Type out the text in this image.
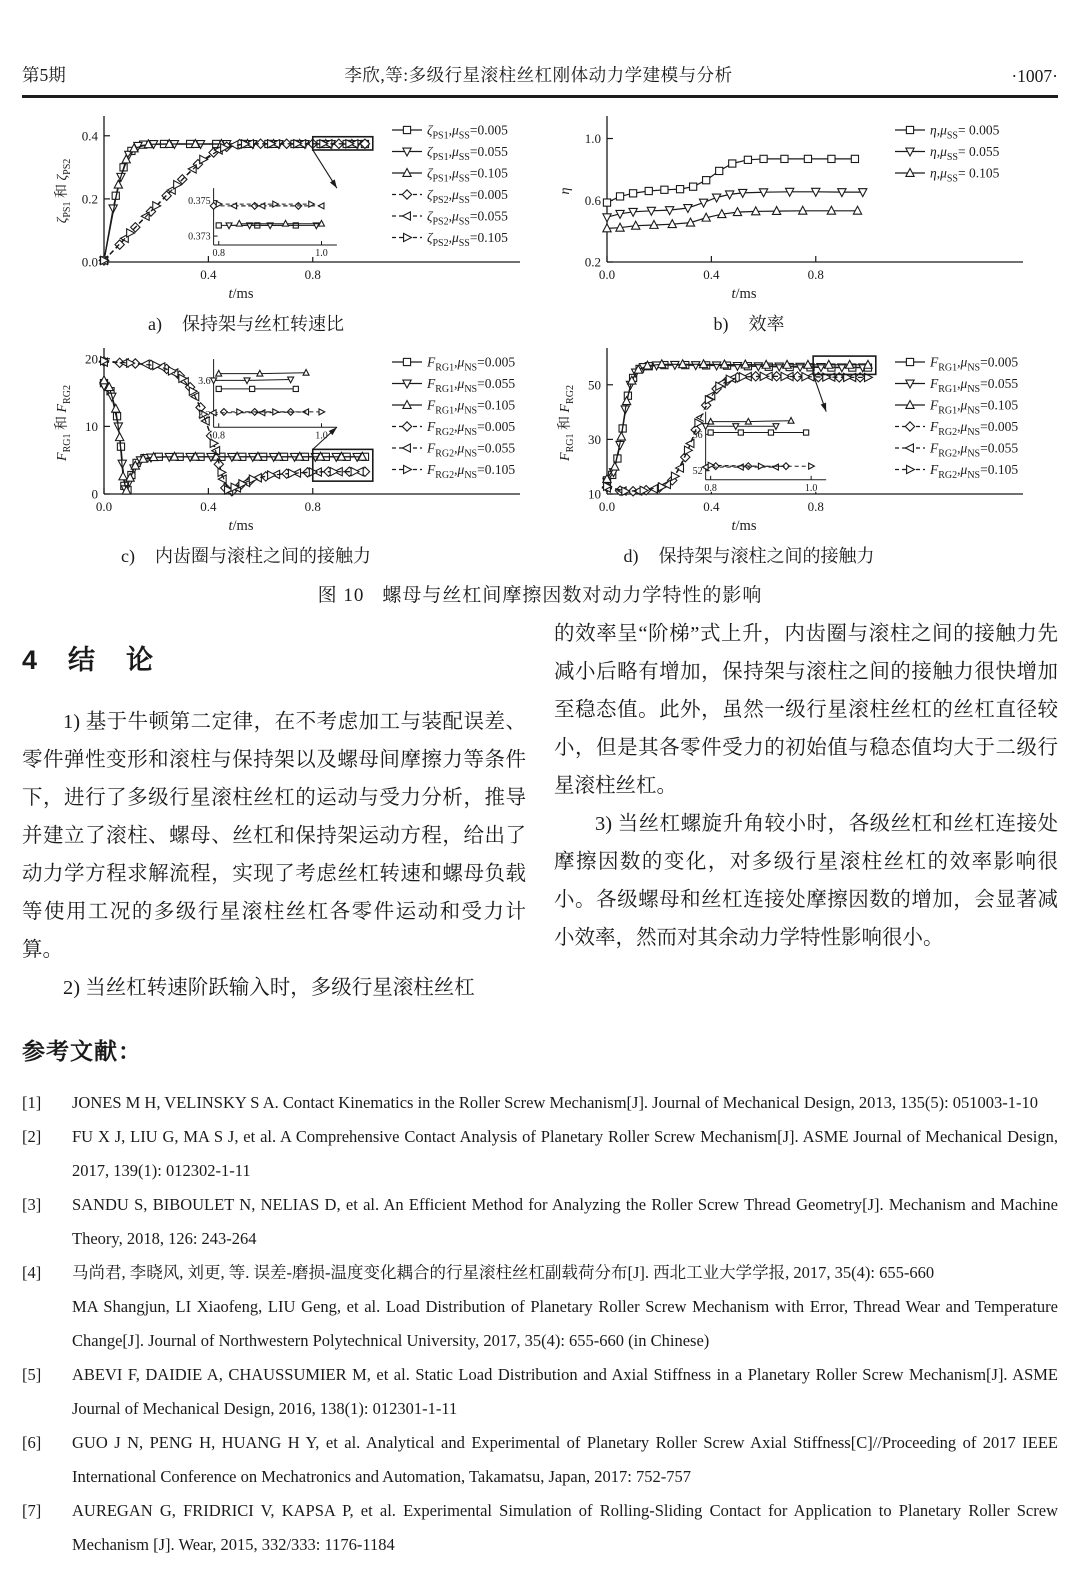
第5期	李欣,等:多级行星滚柱丝杠刚体动力学建模与分析	·1007·
0.0
0.2
0.4
0.4	0.8
t/ms
$\zeta_{PS1}$ 和 $\zeta_{PS2}$
0.373
0.375
0.8	1.0
$\zeta_{PS1},\mu_{SS}=0.005$
$\zeta_{PS1},\mu_{SS}=0.055$
$\zeta_{PS1},\mu_{SS}=0.105$
$\zeta_{PS2},\mu_{SS}=0.005$
$\zeta_{PS2},\mu_{SS}=0.055$
$\zeta_{PS2},\mu_{SS}=0.105$
a) 保持架与丝杠转速比
0.2
0.6
1.0
0.0	0.4	0.8
t/ms
η
$\eta,\mu_{SS}= 0.005$
$\eta,\mu_{SS}= 0.055$
$\eta,\mu_{SS}= 0.105$
b) 效率
0
10
20
0.0	0.4	0.8
t/ms
$F_{RG1}$ 和 $F_{RG2}$
3.2
3.6
0.8	1.0
$F_{RG1},\mu_{NS}=0.005$
$F_{RG1},\mu_{NS}=0.055$
$F_{RG1},\mu_{NS}=0.105$
$F_{RG2},\mu_{NS}=0.005$
$F_{RG2},\mu_{NS}=0.055$
$F_{RG2},\mu_{NS}=0.105$
c) 内齿圈与滚柱之间的接触力
10
30
50
0.0	0.4	0.8
t/ms
$F_{RG1}$ 和 $F_{RG2}$
52
56
0.8	1.0
$F_{RG1},\mu_{NS}=0.005$
$F_{RG1},\mu_{NS}=0.055$
$F_{RG1},\mu_{NS}=0.105$
$F_{RG2},\mu_{NS}=0.005$
$F_{RG2},\mu_{NS}=0.055$
$F_{RG2},\mu_{NS}=0.105$
d) 保持架与滚柱之间的接触力
图 10 螺母与丝杠间摩擦因数对动力学特性的影响
4　结　论

1) 基于牛顿第二定律，在不考虑加工与装配误差、零件弹性变形和滚柱与保持架以及螺母间摩擦力等条件下，进行了多级行星滚柱丝杠的运动与受力分析，推导并建立了滚柱、螺母、丝杠和保持架运动方程，给出了动力学方程求解流程，实现了考虑丝杠转速和螺母负载等使用工况的多级行星滚柱丝杠各零件运动和受力计算。

2) 当丝杠转速阶跃输入时，多级行星滚柱丝杠

的效率呈“阶梯”式上升，内齿圈与滚柱之间的接触力先减小后略有增加，保持架与滚柱之间的接触力很快增加至稳态值。此外，虽然一级行星滚柱丝杠的丝杠直径较小，但是其各零件受力的初始值与稳态值均大于二级行星滚柱丝杠。

3) 当丝杠螺旋升角较小时，各级丝杠和丝杠连接处摩擦因数的变化，对多级行星滚柱丝杠的效率影响很小。各级螺母和丝杠连接处摩擦因数的增加，会显著减小效率，然而对其余动力学特性影响很小。

参考文献：
[1]	JONES M H, VELINSKY S A. Contact Kinematics in the Roller Screw Mechanism[J]. Journal of Mechanical Design, 2013, 135(5): 051003-1-10
[2]	FU X J, LIU G, MA S J, et al. A Comprehensive Contact Analysis of Planetary Roller Screw Mechanism[J]. ASME Journal of Mechanical Design, 2017, 139(1): 012302-1-11
[3]	SANDU S, BIBOULET N, NELIAS D, et al. An Efficient Method for Analyzing the Roller Screw Thread Geometry[J]. Mechanism and Machine Theory, 2018, 126: 243-264
[4]	马尚君, 李晓风, 刘更, 等. 误差-磨损-温度变化耦合的行星滚柱丝杠副载荷分布[J]. 西北工业大学学报, 2017, 35(4): 655-660
MA Shangjun, LI Xiaofeng, LIU Geng, et al. Load Distribution of Planetary Roller Screw Mechanism with Error, Thread Wear and Temperature Change[J]. Journal of Northwestern Polytechnical University, 2017, 35(4): 655-660 (in Chinese)
[5]	ABEVI F, DAIDIE A, CHAUSSUMIER M, et al. Static Load Distribution and Axial Stiffness in a Planetary Roller Screw Mechanism[J]. ASME Journal of Mechanical Design, 2016, 138(1): 012301-1-11
[6]	GUO J N, PENG H, HUANG H Y, et al. Analytical and Experimental of Planetary Roller Screw Axial Stiffness[C]//Proceeding of 2017 IEEE International Conference on Mechatronics and Automation, Takamatsu, Japan, 2017: 752-757
[7]	AUREGAN G, FRIDRICI V, KAPSA P, et al. Experimental Simulation of Rolling-Sliding Contact for Application to Planetary Roller Screw Mechanism [J]. Wear, 2015, 332/333: 1176-1184
